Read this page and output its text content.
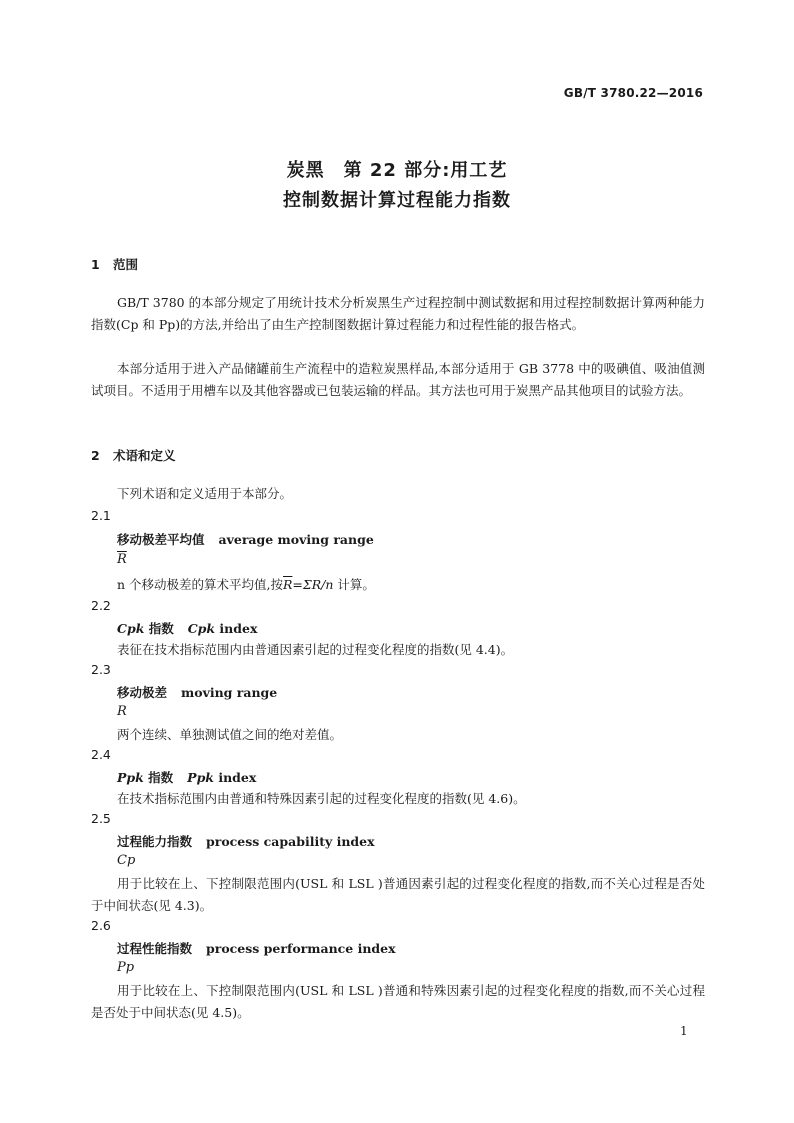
GB/T 3780.22—2016
炭黑　第 22 部分:用工艺
控制数据计算过程能力指数
1 范围
GB/T 3780 的本部分规定了用统计技术分析炭黑生产过程控制中测试数据和用过程控制数据计算两种能力指数(Cp 和 Pp)的方法,并给出了由生产控制图数据计算过程能力和过程性能的报告格式。
本部分适用于进入产品储罐前生产流程中的造粒炭黑样品,本部分适用于 GB 3778 中的吸碘值、吸油值测试项目。不适用于用槽车以及其他容器或已包装运输的样品。其方法也可用于炭黑产品其他项目的试验方法。
2 术语和定义
下列术语和定义适用于本部分。
2.1
移动极差平均值 average moving range
$\overline{R}$
n 个移动极差的算术平均值,按$\overline{R}=\Sigma R/n$ 计算。
2.2
Cpk 指数 Cpk index
表征在技术指标范围内由普通因素引起的过程变化程度的指数(见 4.4)。
2.3
移动极差 moving range
R
两个连续、单独测试值之间的绝对差值。
2.4
Ppk 指数 Ppk index
在技术指标范围内由普通和特殊因素引起的过程变化程度的指数(见 4.6)。
2.5
过程能力指数 process capability index
Cp
用于比较在上、下控制限范围内(USL 和 LSL )普通因素引起的过程变化程度的指数,而不关心过程是否处于中间状态(见 4.3)。
2.6
过程性能指数 process performance index
Pp
用于比较在上、下控制限范围内(USL 和 LSL )普通和特殊因素引起的过程变化程度的指数,而不关心过程是否处于中间状态(见 4.5)。
1
